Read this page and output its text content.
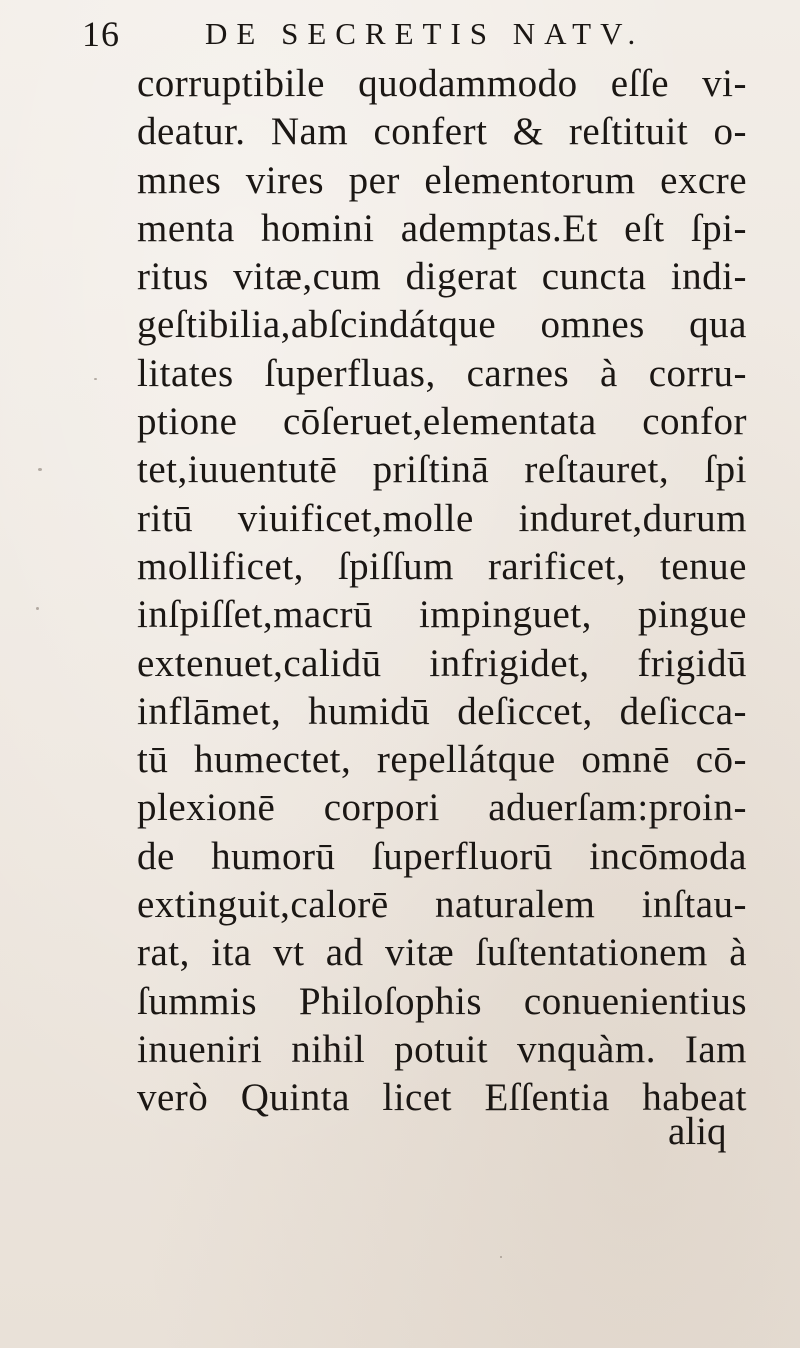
16	DE SECRETIS NATV.
corruptibile quodammodo eſſe vi-
deatur. Nam confert & reſtituit o-
mnes vires per elementorum excre
menta homini ademptas.Et eſt ſpi-
ritus vitæ,cum digerat cuncta indi-
geſtibilia,abſcindátque omnes qua
litates ſuperfluas, carnes à corru-
ptione cōſeruet,elementata confor
tet,iuuentutē priſtinā reſtauret, ſpi
ritū viuificet,molle induret,durum
mollificet, ſpiſſum rarificet, tenue
inſpiſſet,macrū impinguet, pingue
extenuet,calidū infrigidet, frigidū
inflāmet, humidū deſiccet, deſicca-
tū humectet, repellátque omnē cō-
plexionē corpori aduerſam:proin-
de humorū ſuperfluorū incōmoda
extinguit,calorē naturalem inſtau-
rat, ita vt ad vitæ ſuſtentationem à
ſummis Philoſophis conuenientius
inueniri nihil potuit vnquàm. Iam
verò Quinta licet Eſſentia habeat
aliq
